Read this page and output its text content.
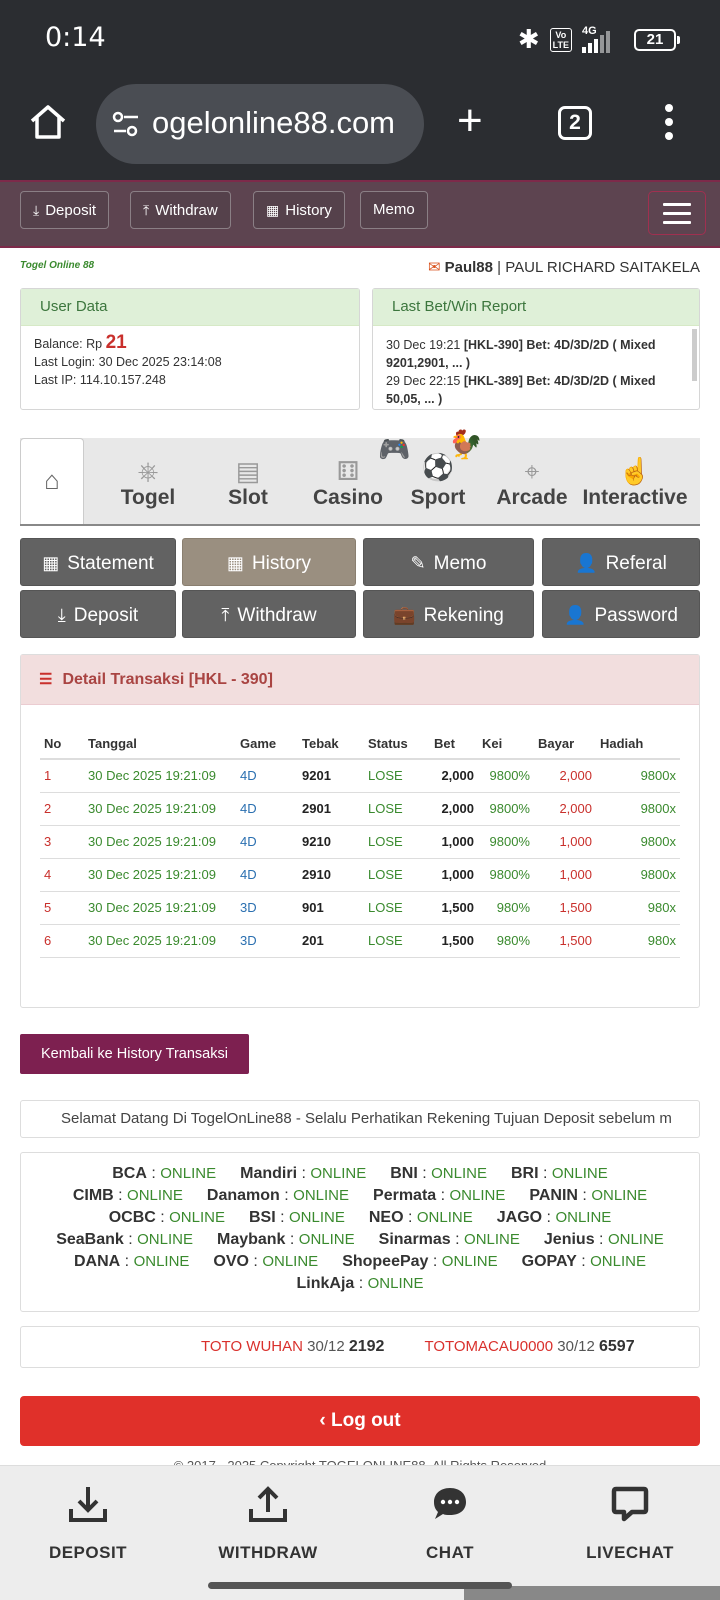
0:14	✱	Vo
LTE
4G	21
ogelonline88.com +	2
⤓ Deposit	⤒ Withdraw	▦ History	Memo
Togel Online 88	✉ Paul88 | PAUL RICHARD SAITAKELA
User Data
Balance: Rp 21
Last Login: 30 Dec 2025 23:14:08
Last IP: 114.10.157.248
Last Bet/Win Report
30 Dec 19:21 [HKL-390] Bet: 4D/3D/2D ( Mixed 9201,2901, ... )
29 Dec 22:15 [HKL-389] Bet: 4D/3D/2D ( Mixed 50,05, ... )
⌂	⎈
Togel
▤
Slot
⚅
Casino
⚽
🎮 🐓
Sport
⌖
Arcade
☝
Interactive
▦ Statement	▦ History	✎ Memo	👤 Referal
⤓ Deposit	⤒ Withdraw	💼 Rekening	👤 Password
☰ Detail Transaksi [HKL - 390]
No	Tanggal	Game	Tebak	Status	Bet	Kei	Bayar	Hadiah
1	30 Dec 2025 19:21:09	4D	9201	LOSE	2,000	9800%	2,000	9800x
2	30 Dec 2025 19:21:09	4D	2901	LOSE	2,000	9800%	2,000	9800x
3	30 Dec 2025 19:21:09	4D	9210	LOSE	1,000	9800%	1,000	9800x
4	30 Dec 2025 19:21:09	4D	2910	LOSE	1,000	9800%	1,000	9800x
5	30 Dec 2025 19:21:09	3D	901	LOSE	1,500	980%	1,500	980x
6	30 Dec 2025 19:21:09	3D	201	LOSE	1,500	980%	1,500	980x
Kembali ke History Transaksi
Selamat Datang Di TogelOnLine88 - Selalu Perhatikan Rekening Tujuan Deposit sebelum m
BCA : ONLINE Mandiri : ONLINE BNI : ONLINE BRI : ONLINE
CIMB : ONLINE Danamon : ONLINE Permata : ONLINE PANIN : ONLINE
OCBC : ONLINE BSI : ONLINE NEO : ONLINE JAGO : ONLINE
SeaBank : ONLINE Maybank : ONLINE Sinarmas : ONLINE Jenius : ONLINE
DANA : ONLINE OVO : ONLINE ShopeePay : ONLINE GOPAY : ONLINE
LinkAja : ONLINE
TOTO WUHAN 30/12 2192	TOTOMACAU0000 30/12 6597
‹ Log out
DEPOSIT	WITHDRAW	CHAT	LIVECHAT
